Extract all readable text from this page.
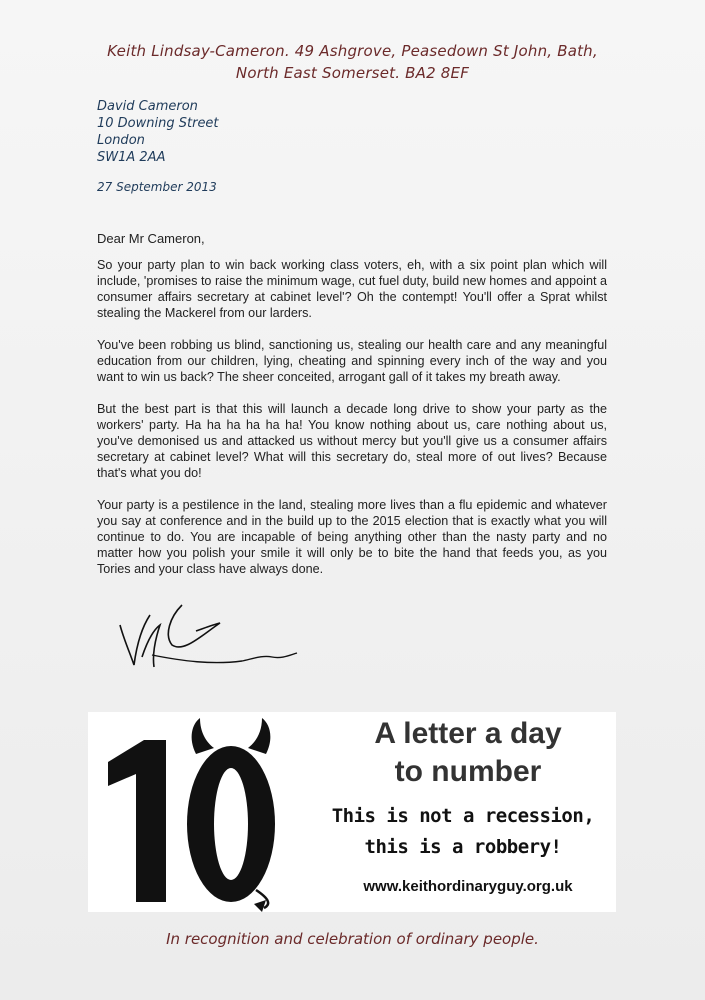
Keith Lindsay-Cameron. 49 Ashgrove, Peasedown St John, Bath,
North East Somerset. BA2 8EF
David Cameron
10 Downing Street
London
SW1A 2AA
27 September 2013
Dear Mr Cameron,

So your party plan to win back working class voters, eh, with a six point plan which will include, 'promises to raise the minimum wage, cut fuel duty, build new homes and appoint a consumer affairs secretary at cabinet level'? Oh the contempt! You'll offer a Sprat whilst stealing the Mackerel from our larders.

You've been robbing us blind, sanctioning us, stealing our health care and any meaningful education from our children, lying, cheating and spinning every inch of the way and you want to win us back? The sheer conceited, arrogant gall of it takes my breath away.

But the best part is that this will launch a decade long drive to show your party as the workers' party. Ha ha ha ha ha ha! You know nothing about us, care nothing about us, you've demonised us and attacked us without mercy but you'll give us a consumer affairs secretary at cabinet level? What will this secretary do, steal more of out lives? Because that's what you do!

Your party is a pestilence in the land, stealing more lives than a flu epidemic and whatever you say at conference and in the build up to the 2015 election that is exactly what you will continue to do. You are incapable of being anything other than the nasty party and no matter how you polish your smile it will only be to bite the hand that feeds you, as you Tories and your class have always done.

A letter a day
to number
This is not a recession,
this is a robbery!
www.keithordinaryguy.org.uk
In recognition and celebration of ordinary people.
